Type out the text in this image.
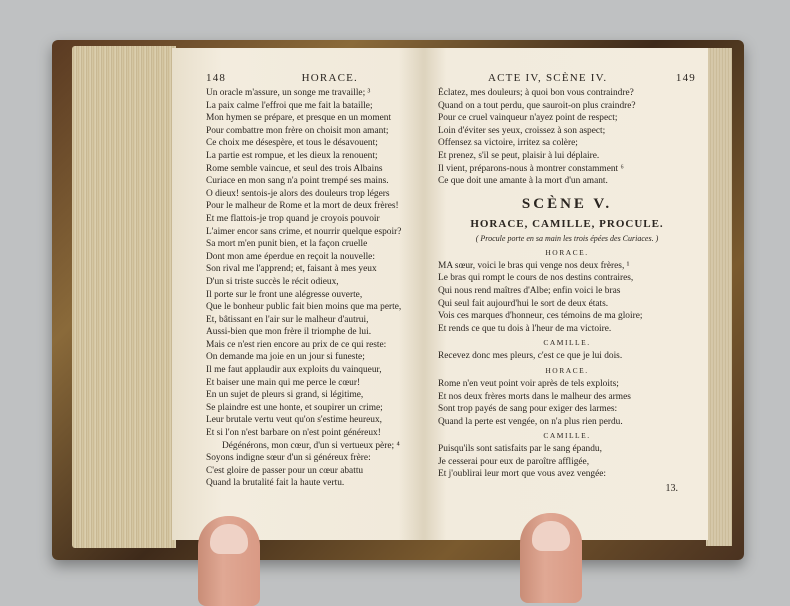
148	HORACE.
Un oracle m'assure, un songe me travaille; ³
La paix calme l'effroi que me fait la bataille;
Mon hymen se prépare, et presque en un moment
Pour combattre mon frère on choisit mon amant;
Ce choix me désespère, et tous le désavouent;
La partie est rompue, et les dieux la renouent;
Rome semble vaincue, et seul des trois Albains
Curiace en mon sang n'a point trempé ses mains.
O dieux! sentois-je alors des douleurs trop légers
Pour le malheur de Rome et la mort de deux frères!
Et me flattois-je trop quand je croyois pouvoir
L'aimer encor sans crime, et nourrir quelque espoir?
Sa mort m'en punit bien, et la façon cruelle
Dont mon ame éperdue en reçoit la nouvelle:
Son rival me l'apprend; et, faisant à mes yeux
D'un si triste succès le récit odieux,
Il porte sur le front une alégresse ouverte,
Que le bonheur public fait bien moins que ma perte,
Et, bâtissant en l'air sur le malheur d'autrui,
Aussi-bien que mon frère il triomphe de lui.
Mais ce n'est rien encore au prix de ce qui reste:
On demande ma joie en un jour si funeste;
Il me faut applaudir aux exploits du vainqueur,
Et baiser une main qui me perce le cœur!
En un sujet de pleurs si grand, si légitime,
Se plaindre est une honte, et soupirer un crime;
Leur brutale vertu veut qu'on s'estime heureux,
Et si l'on n'est barbare on n'est point généreux!
Dégénérons, mon cœur, d'un si vertueux père; ⁴
Soyons indigne sœur d'un si généreux frère:
C'est gloire de passer pour un cœur abattu
Quand la brutalité fait la haute vertu.
ACTE IV, SCÈNE IV.	149
Éclatez, mes douleurs; à quoi bon vous contraindre?
Quand on a tout perdu, que sauroit-on plus craindre?
Pour ce cruel vainqueur n'ayez point de respect;
Loin d'éviter ses yeux, croissez à son aspect;
Offensez sa victoire, irritez sa colère;
Et prenez, s'il se peut, plaisir à lui déplaire.
Il vient, préparons-nous à montrer constamment ⁶
Ce que doit une amante à la mort d'un amant.
SCÈNE V.
HORACE, CAMILLE, PROCULE.
( Procule porte en sa main les trois épées des Curiaces. )
HORACE.
MA sœur, voici le bras qui venge nos deux frères, ¹
Le bras qui rompt le cours de nos destins contraires,
Qui nous rend maîtres d'Albe; enfin voici le bras
Qui seul fait aujourd'hui le sort de deux états.
Vois ces marques d'honneur, ces témoins de ma gloire;
Et rends ce que tu dois à l'heur de ma victoire.
CAMILLE.
Recevez donc mes pleurs, c'est ce que je lui dois.
HORACE.
Rome n'en veut point voir après de tels exploits;
Et nos deux frères morts dans le malheur des armes
Sont trop payés de sang pour exiger des larmes:
Quand la perte est vengée, on n'a plus rien perdu.
CAMILLE.
Puisqu'ils sont satisfaits par le sang épandu,
Je cesserai pour eux de paroître affligée,
Et j'oublirai leur mort que vous avez vengée:
13.
